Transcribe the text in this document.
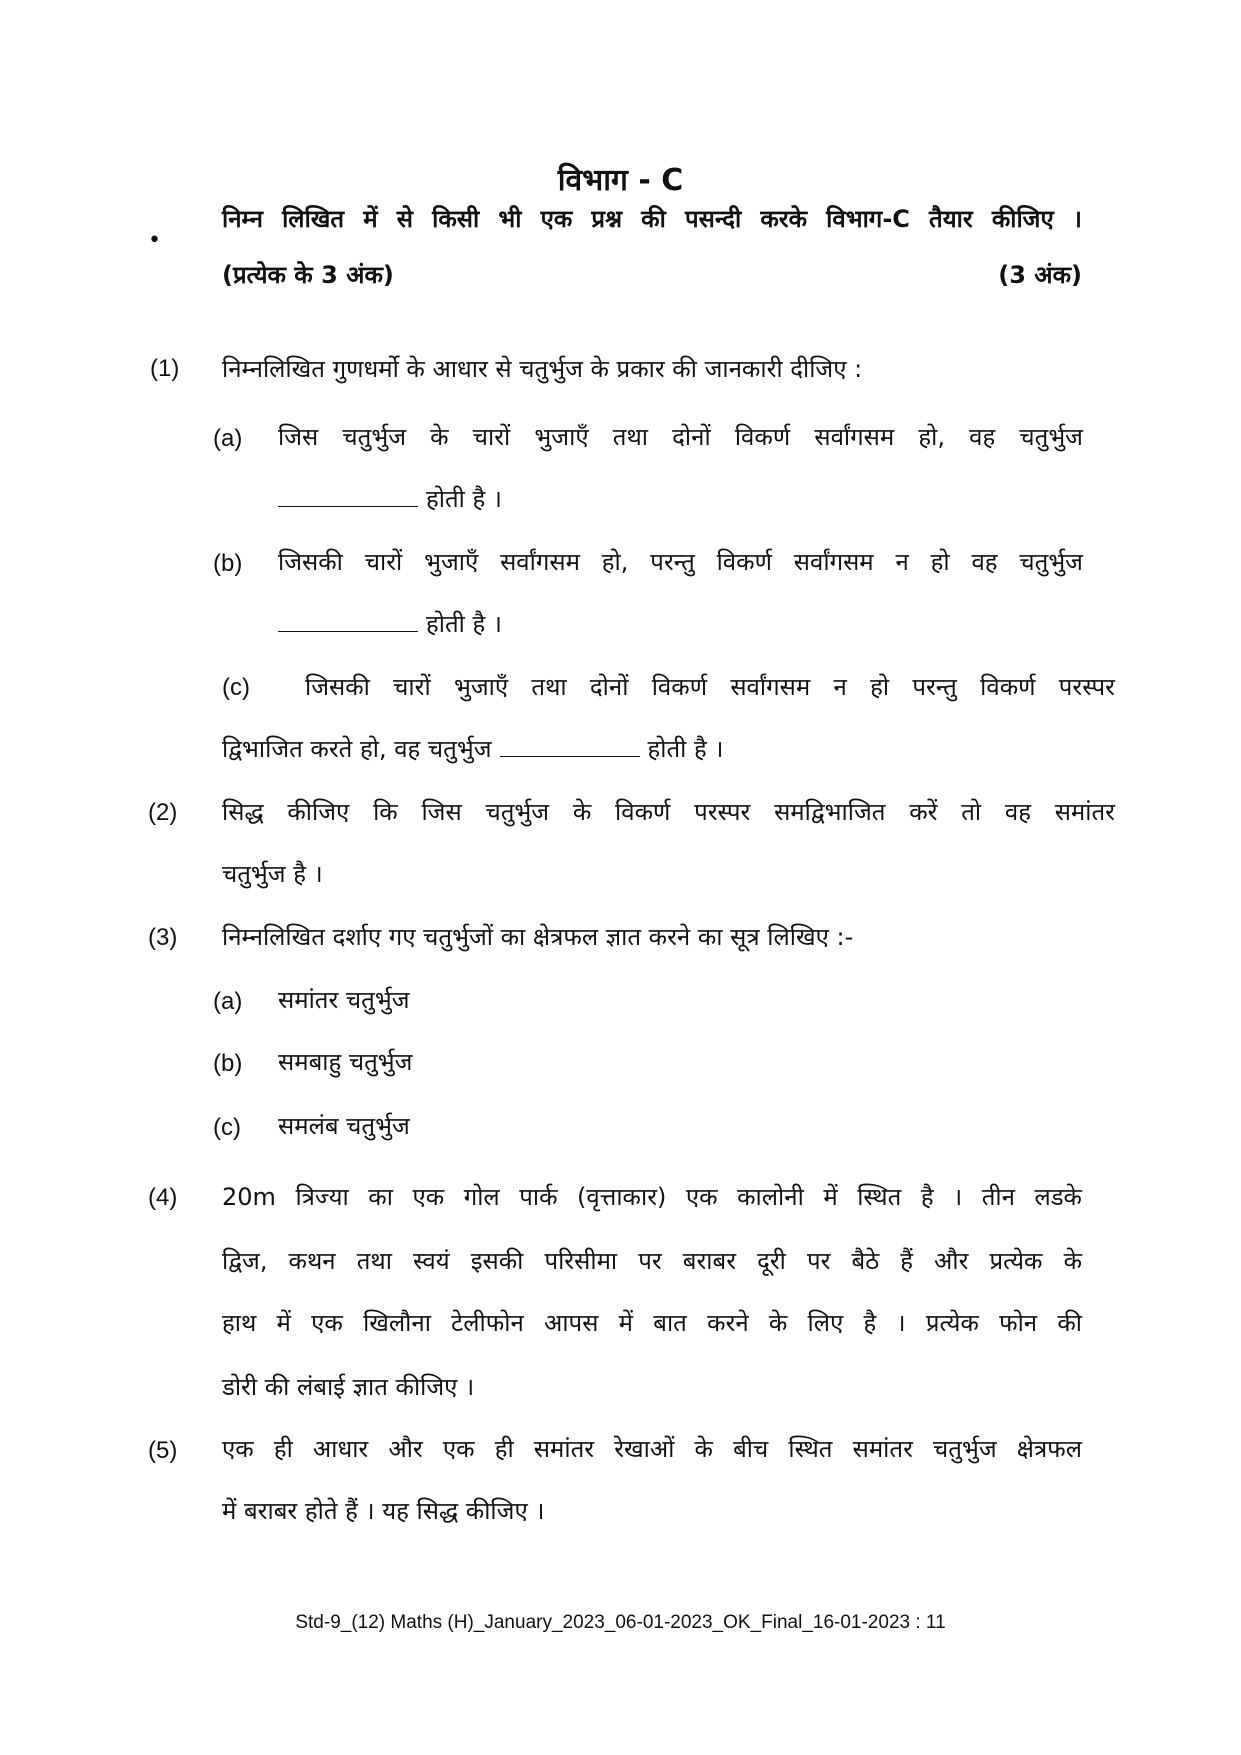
विभाग - C
•
निम्न लिखित में से किसी भी एक प्रश्न की पसन्दी करके विभाग-C तैयार कीजिए ।
(प्रत्येक के 3 अंक)	(3 अंक)
(1) निम्नलिखित गुणधर्मो के आधार से चतुर्भुज के प्रकार की जानकारी दीजिए :
(a) जिस चतुर्भुज के चारों भुजाएँ तथा दोनों विकर्ण सर्वांगसम हो, वह चतुर्भुज
होती है ।
(b) जिसकी चारों भुजाएँ सर्वांगसम हो, परन्तु विकर्ण सर्वांगसम न हो वह चतुर्भुज
होती है ।
(c) जिसकी चारों भुजाएँ तथा दोनों विकर्ण सर्वांगसम न हो परन्तु विकर्ण परस्पर
द्विभाजित करते हो, वह चतुर्भुज	होती है ।
(2) सिद्ध कीजिए कि जिस चतुर्भुज के विकर्ण परस्पर समद्विभाजित करें तो वह समांतर
चतुर्भुज है ।
(3) निम्नलिखित दर्शाए गए चतुर्भुजों का क्षेत्रफल ज्ञात करने का सूत्र लिखिए :-
(a) समांतर चतुर्भुज
(b) समबाहु चतुर्भुज
(c) समलंब चतुर्भुज
(4) 20m त्रिज्या का एक गोल पार्क (वृत्ताकार) एक कालोनी में स्थित है । तीन लडके
द्विज, कथन तथा स्वयं इसकी परिसीमा पर बराबर दूरी पर बैठे हैं और प्रत्येक के
हाथ में एक खिलौना टेलीफोन आपस में बात करने के लिए है । प्रत्येक फोन की
डोरी की लंबाई ज्ञात कीजिए ।
(5) एक ही आधार और एक ही समांतर रेखाओं के बीच स्थित समांतर चतुर्भुज क्षेत्रफल
में बराबर होते हैं । यह सिद्ध कीजिए ।
Std-9_(12) Maths (H)_January_2023_06-01-2023_OK_Final_16-01-2023 : 11
